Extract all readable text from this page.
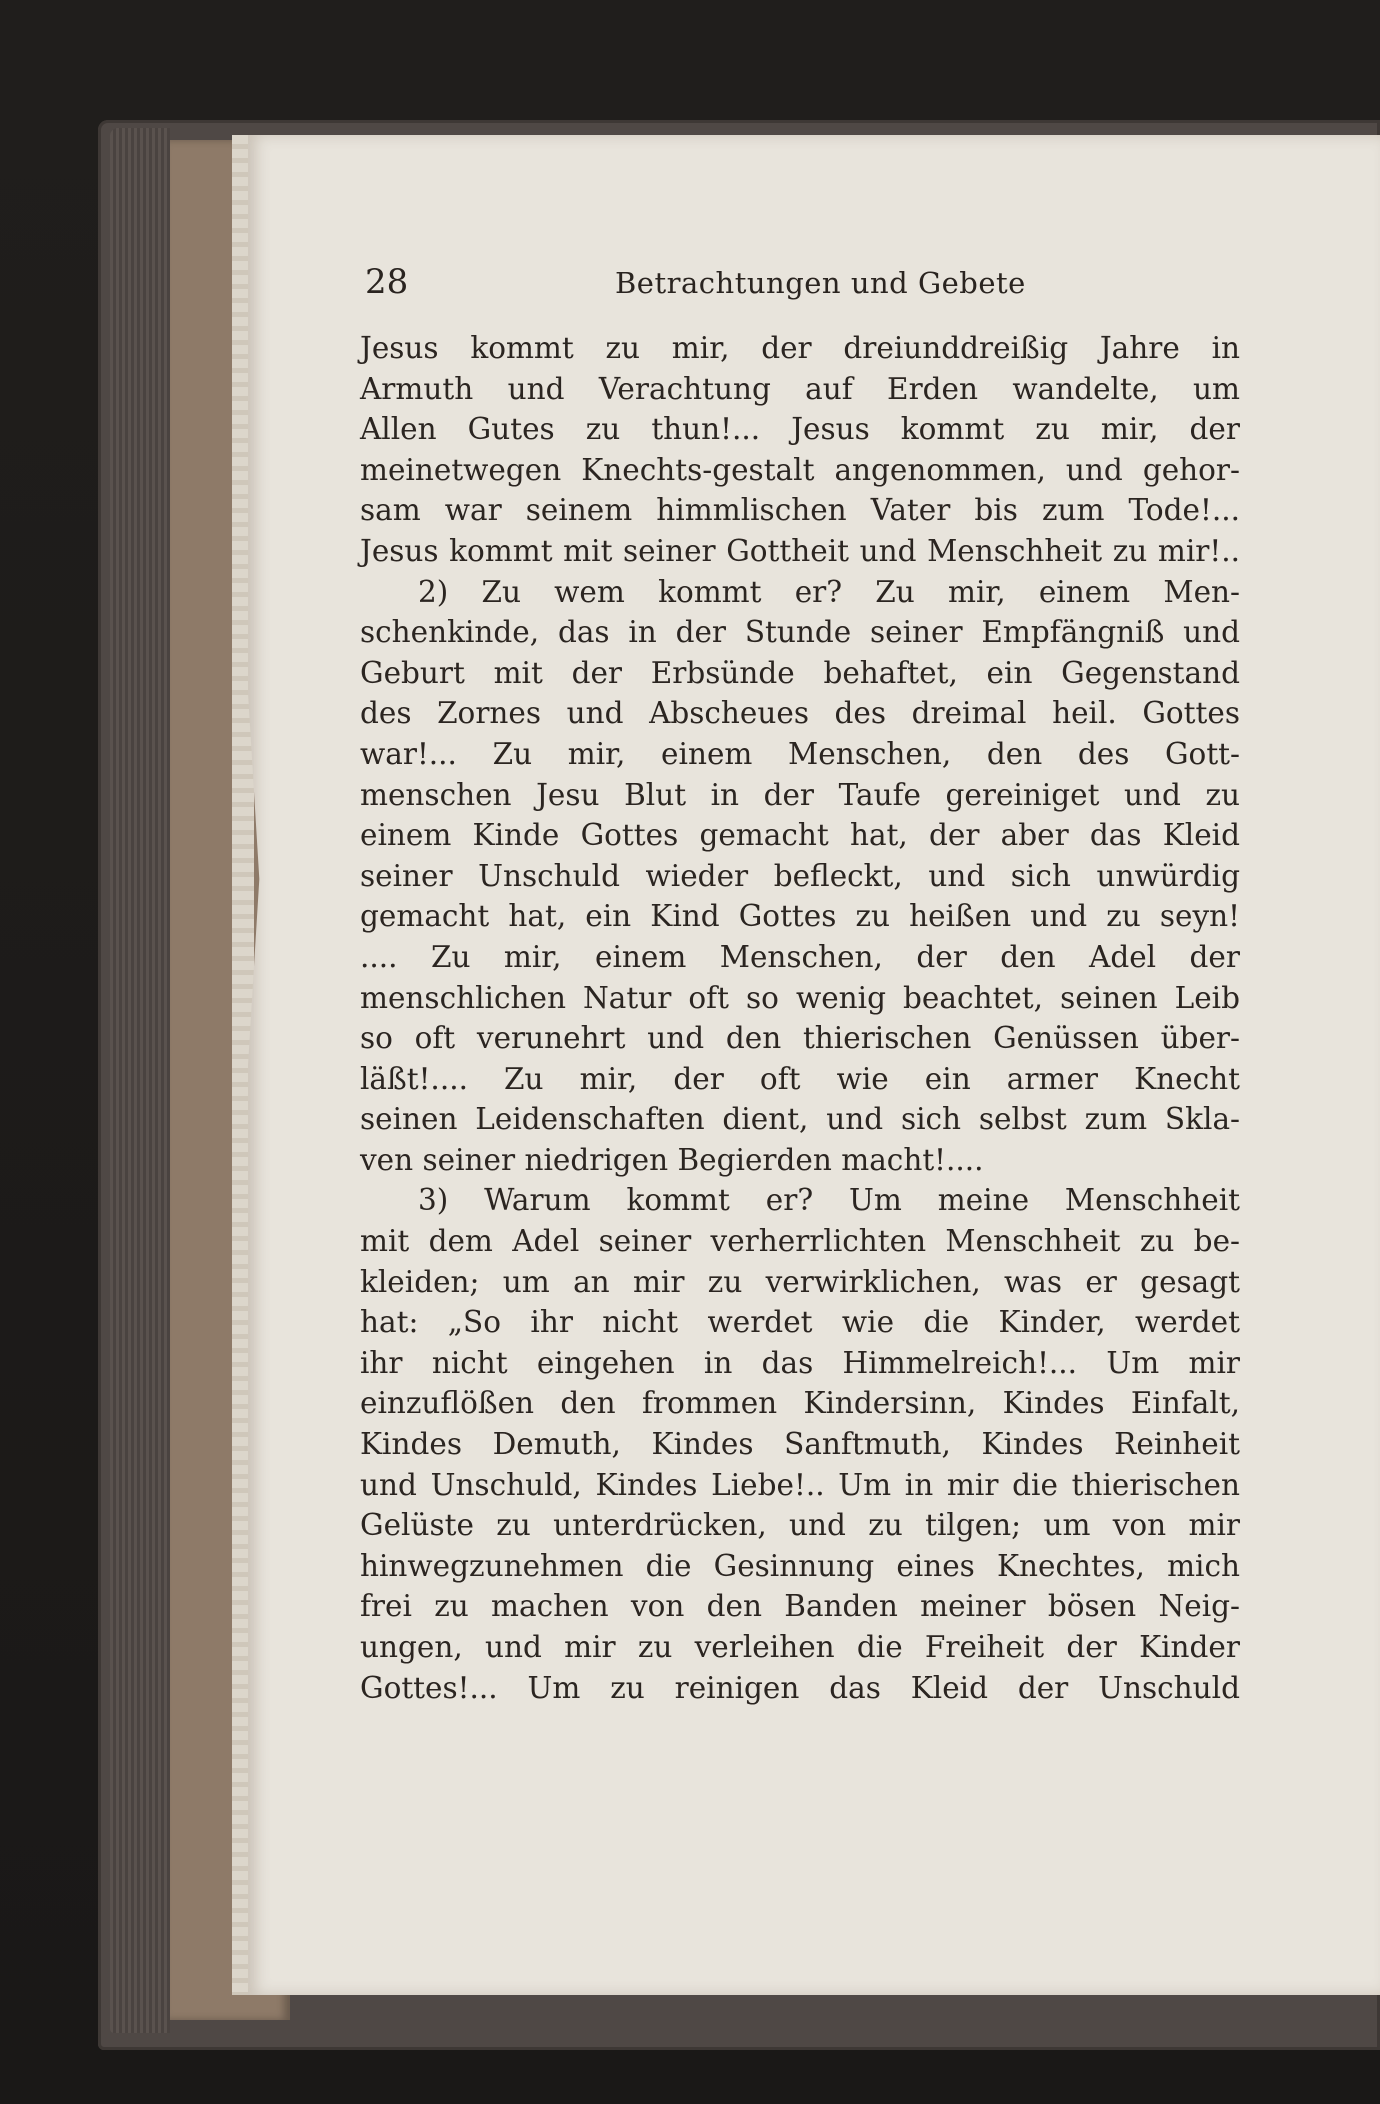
28	Betrachtungen und Gebete
Jesus kommt zu mir, der dreiunddreißig Jahre in
Armuth und Verachtung auf Erden wandelte, um
Allen Gutes zu thun!... Jesus kommt zu mir, der
meinetwegen Knechts-gestalt angenommen, und gehor-
sam war seinem himmlischen Vater bis zum Tode!...
Jesus kommt mit seiner Gottheit und Menschheit zu mir!..
2) Zu wem kommt er? Zu mir, einem Men-
schenkinde, das in der Stunde seiner Empfängniß und
Geburt mit der Erbsünde behaftet, ein Gegenstand
des Zornes und Abscheues des dreimal heil. Gottes
war!... Zu mir, einem Menschen, den des Gott-
menschen Jesu Blut in der Taufe gereiniget und zu
einem Kinde Gottes gemacht hat, der aber das Kleid
seiner Unschuld wieder befleckt, und sich unwürdig
gemacht hat, ein Kind Gottes zu heißen und zu seyn!
.... Zu mir, einem Menschen, der den Adel der
menschlichen Natur oft so wenig beachtet, seinen Leib
so oft verunehrt und den thierischen Genüssen über-
läßt!.... Zu mir, der oft wie ein armer Knecht
seinen Leidenschaften dient, und sich selbst zum Skla-
ven seiner niedrigen Begierden macht!....
3) Warum kommt er? Um meine Menschheit
mit dem Adel seiner verherrlichten Menschheit zu be-
kleiden; um an mir zu verwirklichen, was er gesagt
hat: „So ihr nicht werdet wie die Kinder, werdet
ihr nicht eingehen in das Himmelreich!... Um mir
einzuflößen den frommen Kindersinn, Kindes Einfalt,
Kindes Demuth, Kindes Sanftmuth, Kindes Reinheit
und Unschuld, Kindes Liebe!.. Um in mir die thierischen
Gelüste zu unterdrücken, und zu tilgen; um von mir
hinwegzunehmen die Gesinnung eines Knechtes, mich
frei zu machen von den Banden meiner bösen Neig-
ungen, und mir zu verleihen die Freiheit der Kinder
Gottes!... Um zu reinigen das Kleid der Unschuld
